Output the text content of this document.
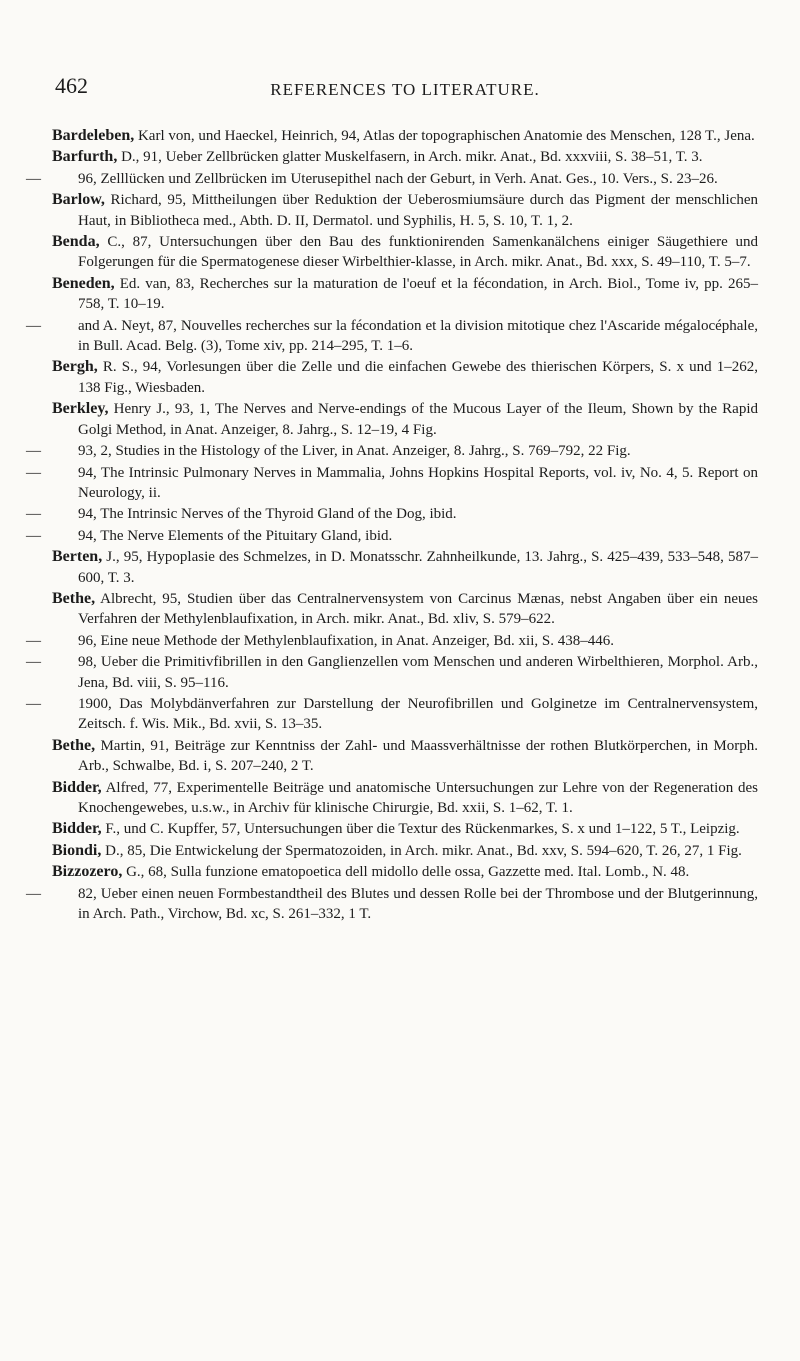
462	REFERENCES TO LITERATURE.

Bardeleben, Karl von, und Haeckel, Heinrich, 94, Atlas der topographischen Anatomie des Menschen, 128 T., Jena.

Barfurth, D., 91, Ueber Zellbrücken glatter Muskelfasern, in Arch. mikr. Anat., Bd. xxxviii, S. 38–51, T. 3.

— 96, Zelllücken und Zellbrücken im Uterusepithel nach der Geburt, in Verh. Anat. Ges., 10. Vers., S. 23–26.

Barlow, Richard, 95, Mittheilungen über Reduktion der Ueberosmiumsäure durch das Pigment der menschlichen Haut, in Bibliotheca med., Abth. D. II, Dermatol. und Syphilis, H. 5, S. 10, T. 1, 2.

Benda, C., 87, Untersuchungen über den Bau des funktionirenden Samenkanälchens einiger Säugethiere und Folgerungen für die Spermatogenese dieser Wirbelthier-klasse, in Arch. mikr. Anat., Bd. xxx, S. 49–110, T. 5–7.

Beneden, Ed. van, 83, Recherches sur la maturation de l'oeuf et la fécondation, in Arch. Biol., Tome iv, pp. 265–758, T. 10–19.

— and A. Neyt, 87, Nouvelles recherches sur la fécondation et la division mitotique chez l'Ascaride mégalocéphale, in Bull. Acad. Belg. (3), Tome xiv, pp. 214–295, T. 1–6.

Bergh, R. S., 94, Vorlesungen über die Zelle und die einfachen Gewebe des thierischen Körpers, S. x und 1–262, 138 Fig., Wiesbaden.

Berkley, Henry J., 93, 1, The Nerves and Nerve-endings of the Mucous Layer of the Ileum, Shown by the Rapid Golgi Method, in Anat. Anzeiger, 8. Jahrg., S. 12–19, 4 Fig.

— 93, 2, Studies in the Histology of the Liver, in Anat. Anzeiger, 8. Jahrg., S. 769–792, 22 Fig.

— 94, The Intrinsic Pulmonary Nerves in Mammalia, Johns Hopkins Hospital Reports, vol. iv, No. 4, 5. Report on Neurology, ii.

— 94, The Intrinsic Nerves of the Thyroid Gland of the Dog, ibid.

— 94, The Nerve Elements of the Pituitary Gland, ibid.

Berten, J., 95, Hypoplasie des Schmelzes, in D. Monatsschr. Zahnheilkunde, 13. Jahrg., S. 425–439, 533–548, 587–600, T. 3.

Bethe, Albrecht, 95, Studien über das Centralnervensystem von Carcinus Mænas, nebst Angaben über ein neues Verfahren der Methylenblaufixation, in Arch. mikr. Anat., Bd. xliv, S. 579–622.

— 96, Eine neue Methode der Methylenblaufixation, in Anat. Anzeiger, Bd. xii, S. 438–446.

— 98, Ueber die Primitivfibrillen in den Ganglienzellen vom Menschen und anderen Wirbelthieren, Morphol. Arb., Jena, Bd. viii, S. 95–116.

— 1900, Das Molybdänverfahren zur Darstellung der Neurofibrillen und Golginetze im Centralnervensystem, Zeitsch. f. Wis. Mik., Bd. xvii, S. 13–35.

Bethe, Martin, 91, Beiträge zur Kenntniss der Zahl- und Maassverhältnisse der rothen Blutkörperchen, in Morph. Arb., Schwalbe, Bd. i, S. 207–240, 2 T.

Bidder, Alfred, 77, Experimentelle Beiträge und anatomische Untersuchungen zur Lehre von der Regeneration des Knochengewebes, u.s.w., in Archiv für klinische Chirurgie, Bd. xxii, S. 1–62, T. 1.

Bidder, F., und C. Kupffer, 57, Untersuchungen über die Textur des Rückenmarkes, S. x und 1–122, 5 T., Leipzig.

Biondi, D., 85, Die Entwickelung der Spermatozoiden, in Arch. mikr. Anat., Bd. xxv, S. 594–620, T. 26, 27, 1 Fig.

Bizzozero, G., 68, Sulla funzione ematopoetica dell midollo delle ossa, Gazzette med. Ital. Lomb., N. 48.

— 82, Ueber einen neuen Formbestandtheil des Blutes und dessen Rolle bei der Thrombose und der Blutgerinnung, in Arch. Path., Virchow, Bd. xc, S. 261–332, 1 T.
